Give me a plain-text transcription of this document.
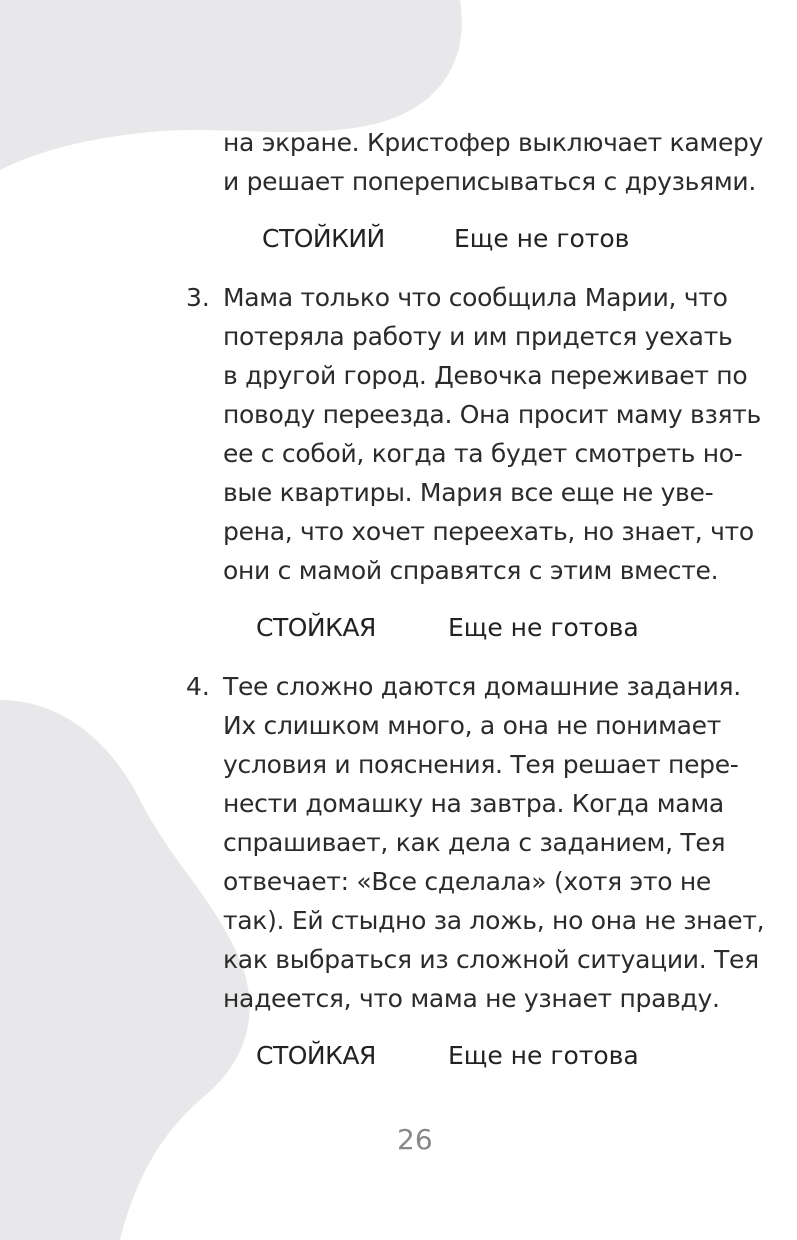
на экране. Кристофер выключает камеру
и решает попереписываться с друзьями.
СТОЙКИЙ	Еще не готов
3. Мама только что сообщила Марии, что
потеряла работу и им придется уехать
в другой город. Девочка переживает по
поводу переезда. Она просит маму взять
ее с собой, когда та будет смотреть но-
вые квартиры. Мария все еще не уве-
рена, что хочет переехать, но знает, что
они с мамой справятся с этим вместе.
СТОЙКАЯ	Еще не готова
4. Тее сложно даются домашние задания.
Их слишком много, а она не понимает
условия и пояснения. Тея решает пере-
нести домашку на завтра. Когда мама
спрашивает, как дела с заданием, Тея
отвечает: «Все сделала» (хотя это не
так). Ей стыдно за ложь, но она не знает,
как выбраться из сложной ситуации. Тея
надеется, что мама не узнает правду.
СТОЙКАЯ	Еще не готова
26
